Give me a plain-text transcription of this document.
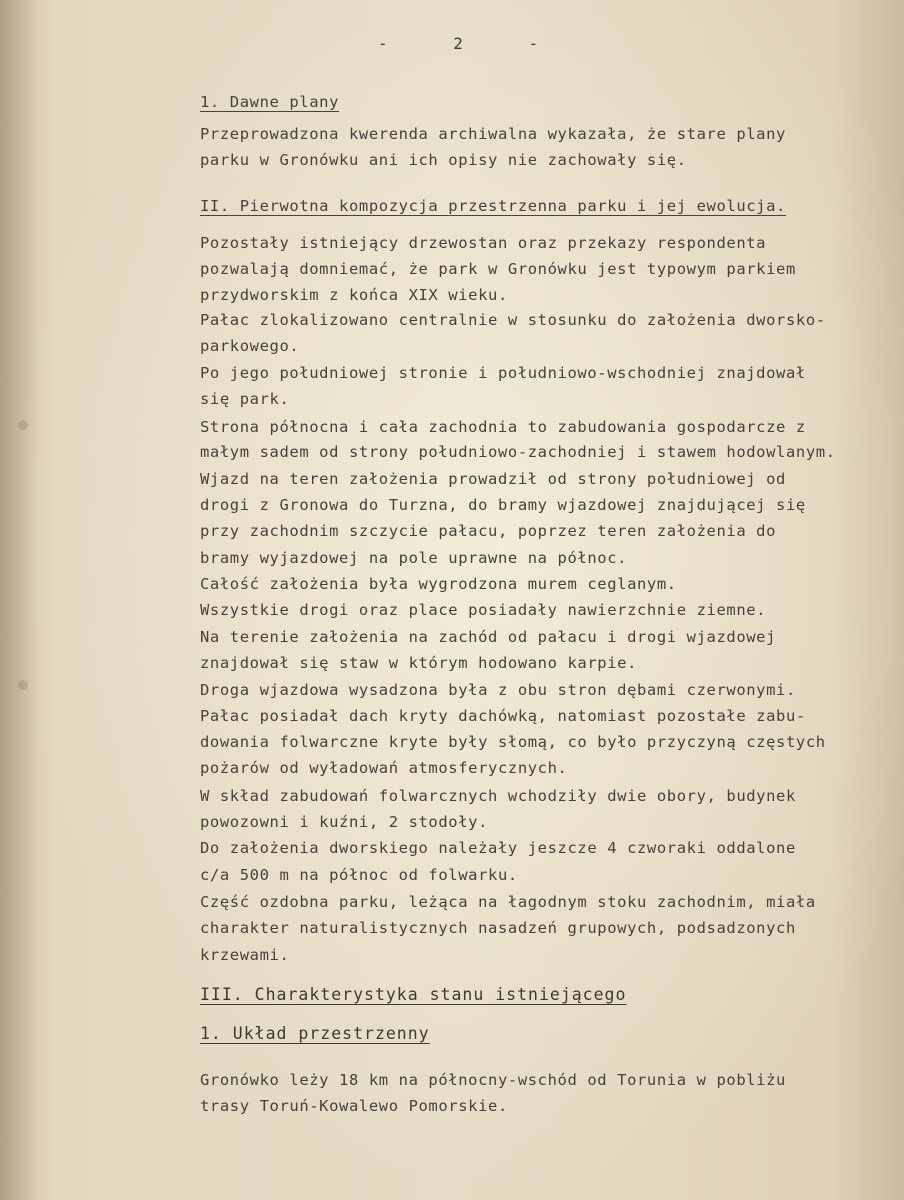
- 2 -
1. Dawne plany
Przeprowadzona kwerenda archiwalna wykazała, że stare plany
parku w Gronówku ani ich opisy nie zachowały się.
II. Pierwotna kompozycja przestrzenna parku i jej ewolucja.
Pozostały istniejący drzewostan oraz przekazy respondenta
pozwalają domniemać, że park w Gronówku jest typowym parkiem
przydworskim z końca XIX wieku.
Pałac zlokalizowano centralnie w stosunku do założenia dworsko-
parkowego.
Po jego południowej stronie i południowo-wschodniej znajdował
się park.
Strona północna i cała zachodnia to zabudowania gospodarcze z
małym sadem od strony południowo-zachodniej i stawem hodowlanym.
Wjazd na teren założenia prowadził od strony południowej od
drogi z Gronowa do Turzna, do bramy wjazdowej znajdującej się
przy zachodnim szczycie pałacu, poprzez teren założenia do
bramy wyjazdowej na pole uprawne na północ.
Całość założenia była wygrodzona murem ceglanym.
Wszystkie drogi oraz place posiadały nawierzchnie ziemne.
Na terenie założenia na zachód od pałacu i drogi wjazdowej
znajdował się staw w którym hodowano karpie.
Droga wjazdowa wysadzona była z obu stron dębami czerwonymi.
Pałac posiadał dach kryty dachówką, natomiast pozostałe zabu-
dowania folwarczne kryte były słomą, co było przyczyną częstych
pożarów od wyładowań atmosferycznych.
W skład zabudowań folwarcznych wchodziły dwie obory, budynek
powozowni i kuźni, 2 stodoły.
Do założenia dworskiego należały jeszcze 4 czworaki oddalone
c/a 500 m na północ od folwarku.
Część ozdobna parku, leżąca na łagodnym stoku zachodnim, miała
charakter naturalistycznych nasadzeń grupowych, podsadzonych
krzewami.
III. Charakterystyka stanu istniejącego
1. Układ przestrzenny
Gronówko leży 18 km na północny-wschód od Torunia w pobliżu
trasy Toruń-Kowalewo Pomorskie.
